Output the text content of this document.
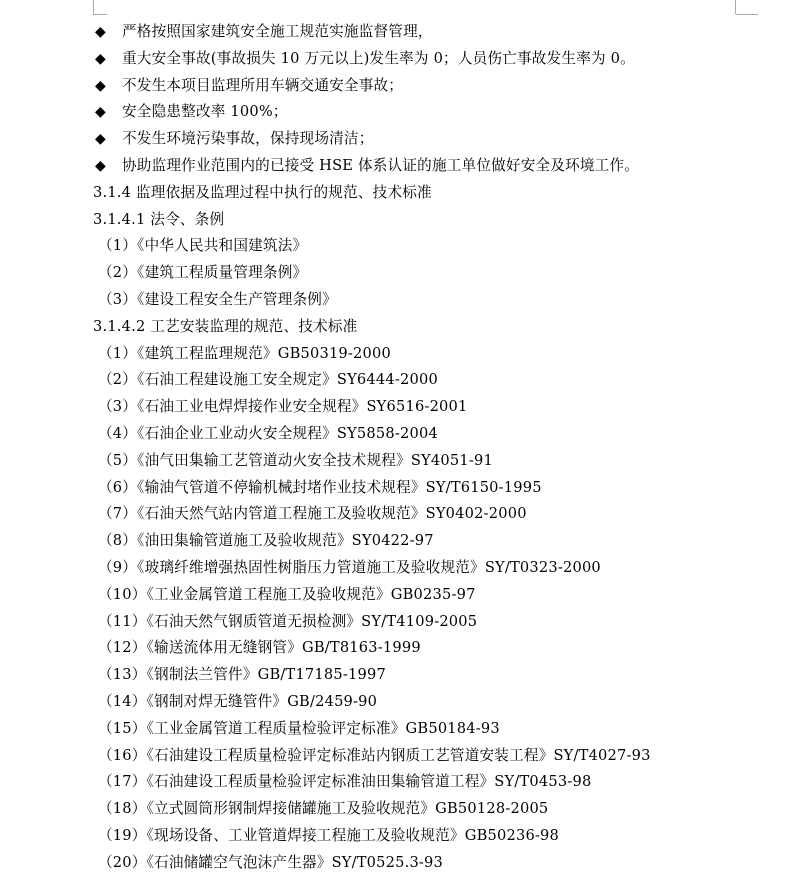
◆ 严格按照国家建筑安全施工规范实施监督管理，
◆ 重大安全事故(事故损失 10 万元以上)发生率为 0；人员伤亡事故发生率为 0。
◆ 不发生本项目监理所用车辆交通安全事故；
◆ 安全隐患整改率 100%；
◆ 不发生环境污染事故，保持现场清洁；
◆ 协助监理作业范围内的已接受 HSE 体系认证的施工单位做好安全及环境工作。
3.1.4 监理依据及监理过程中执行的规范、技术标准
3.1.4.1 法令、条例
（1）《中华人民共和国建筑法》
（2）《建筑工程质量管理条例》
（3）《建设工程安全生产管理条例》
3.1.4.2 工艺安装监理的规范、技术标准
（1）《建筑工程监理规范》GB50319-2000
（2）《石油工程建设施工安全规定》SY6444-2000
（3）《石油工业电焊焊接作业安全规程》SY6516-2001
（4）《石油企业工业动火安全规程》SY5858-2004
（5）《油气田集输工艺管道动火安全技术规程》SY4051-91
（6）《输油气管道不停输机械封堵作业技术规程》SY/T6150-1995
（7）《石油天然气站内管道工程施工及验收规范》SY0402-2000
（8）《油田集输管道施工及验收规范》SY0422-97
（9）《玻璃纤维增强热固性树脂压力管道施工及验收规范》SY/T0323-2000
（10）《工业金属管道工程施工及验收规范》GB0235-97
（11）《石油天然气钢质管道无损检测》SY/T4109-2005
（12）《输送流体用无缝钢管》GB/T8163-1999
（13）《钢制法兰管件》GB/T17185-1997
（14）《钢制对焊无缝管件》GB/2459-90
（15）《工业金属管道工程质量检验评定标准》GB50184-93
（16）《石油建设工程质量检验评定标准站内钢质工艺管道安装工程》SY/T4027-93
（17）《石油建设工程质量检验评定标准油田集输管道工程》SY/T0453-98
（18）《立式圆筒形钢制焊接储罐施工及验收规范》GB50128-2005
（19）《现场设备、工业管道焊接工程施工及验收规范》GB50236-98
（20）《石油储罐空气泡沫产生器》SY/T0525.3-93
